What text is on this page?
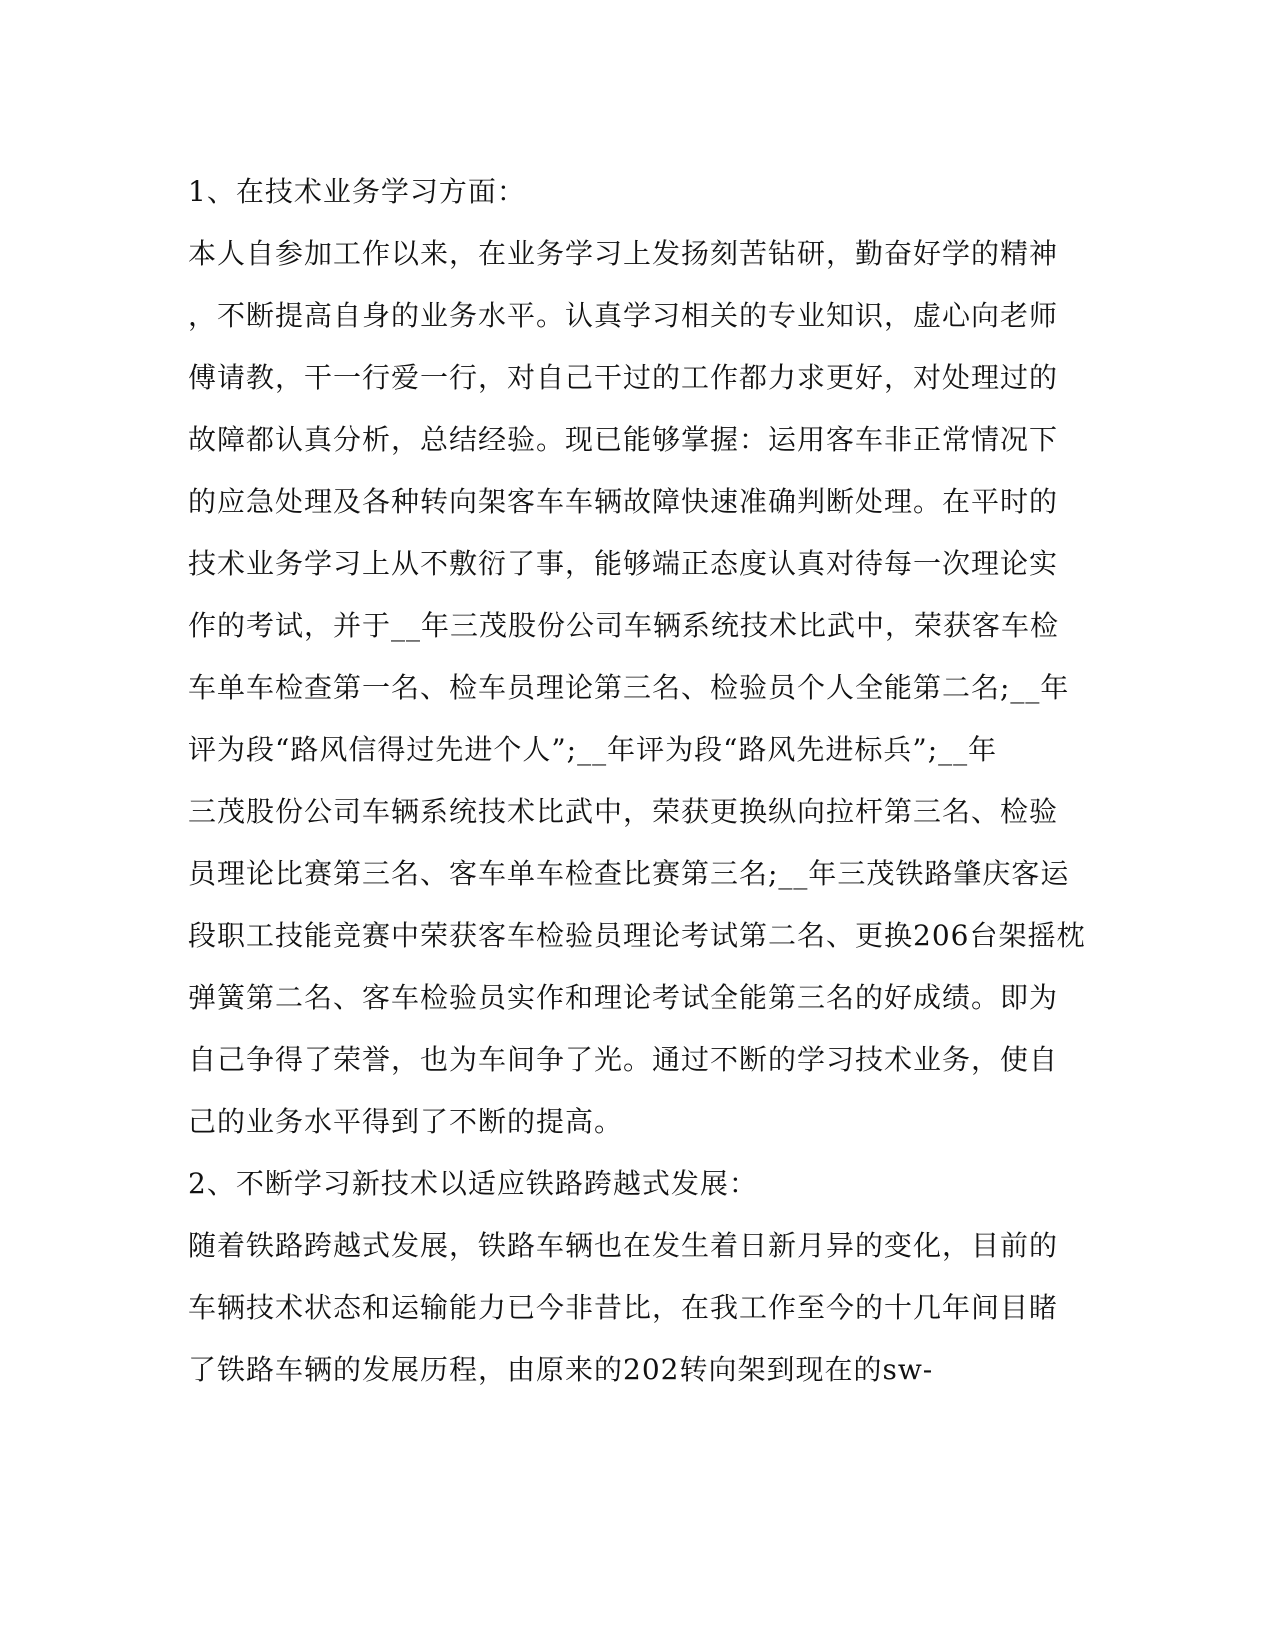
1、在技术业务学习方面：
本人自参加工作以来，在业务学习上发扬刻苦钻研，勤奋好学的精神
，不断提高自身的业务水平。认真学习相关的专业知识，虚心向老师
傅请教，干一行爱一行，对自己干过的工作都力求更好，对处理过的
故障都认真分析，总结经验。现已能够掌握：运用客车非正常情况下
的应急处理及各种转向架客车车辆故障快速准确判断处理。在平时的
技术业务学习上从不敷衍了事，能够端正态度认真对待每一次理论实
作的考试，并于__年三茂股份公司车辆系统技术比武中，荣获客车检
车单车检查第一名、检车员理论第三名、检验员个人全能第二名;__年
评为段“路风信得过先进个人”;__年评为段“路风先进标兵”;__年
三茂股份公司车辆系统技术比武中，荣获更换纵向拉杆第三名、检验
员理论比赛第三名、客车单车检查比赛第三名;__年三茂铁路肇庆客运
段职工技能竞赛中荣获客车检验员理论考试第二名、更换206台架摇枕
弹簧第二名、客车检验员实作和理论考试全能第三名的好成绩。即为
自己争得了荣誉，也为车间争了光。通过不断的学习技术业务，使自
己的业务水平得到了不断的提高。
2、不断学习新技术以适应铁路跨越式发展：
随着铁路跨越式发展，铁路车辆也在发生着日新月异的变化，目前的
车辆技术状态和运输能力已今非昔比，在我工作至今的十几年间目睹
了铁路车辆的发展历程，由原来的202转向架到现在的sw-
